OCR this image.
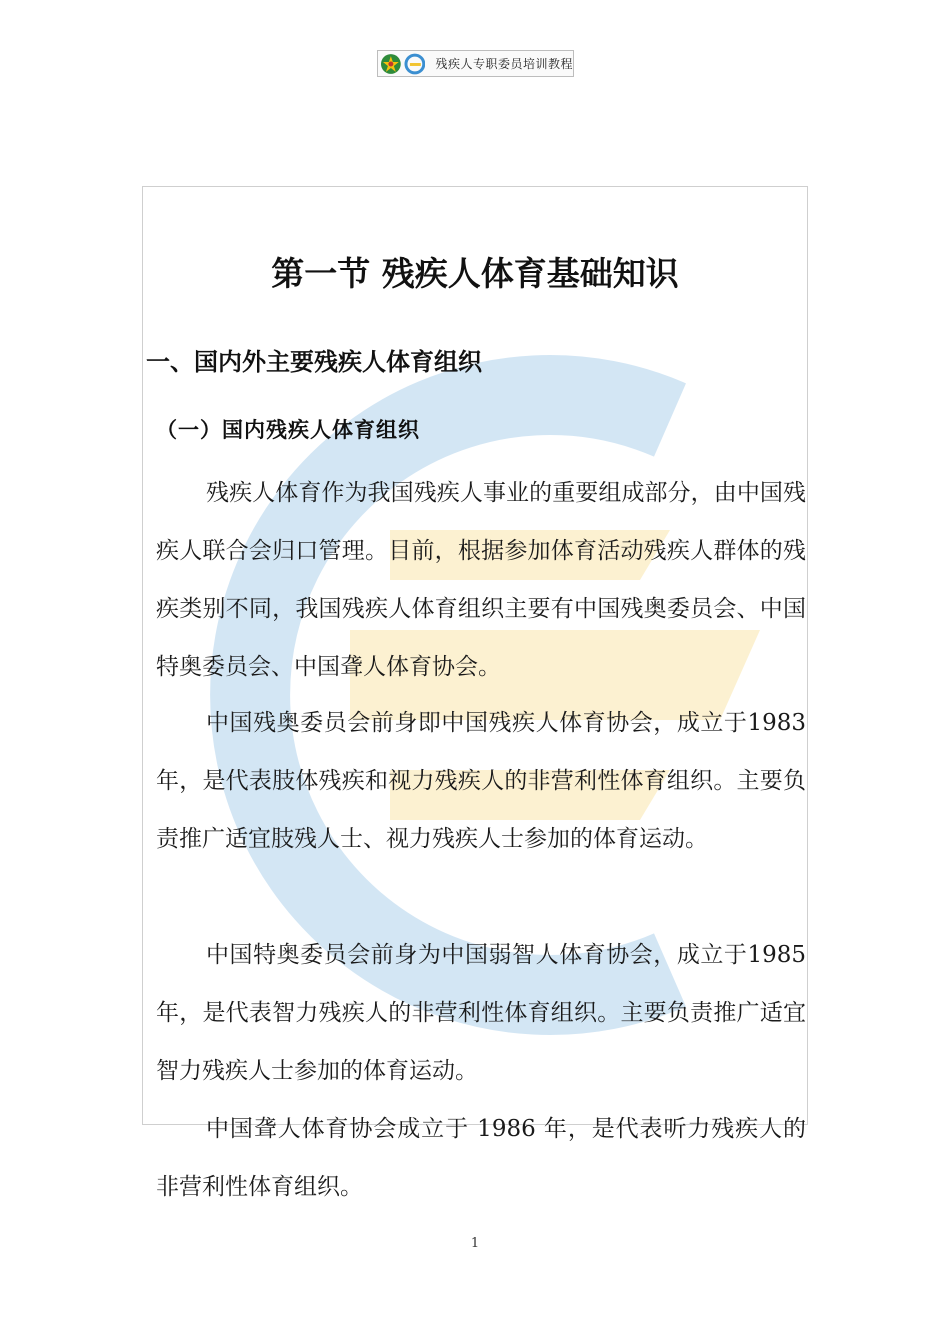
残疾人专职委员培训教程
第一节 残疾人体育基础知识
一、国内外主要残疾人体育组织
（一）国内残疾人体育组织
残疾人体育作为我国残疾人事业的重要组成部分，由中国残疾人联合会归口管理。目前，根据参加体育活动残疾人群体的残疾类别不同，我国残疾人体育组织主要有中国残奥委员会、中国特奥委员会、中国聋人体育协会。
中国残奥委员会前身即中国残疾人体育协会，成立于1983 年，是代表肢体残疾和视力残疾人的非营利性体育组织。主要负责推广适宜肢残人士、视力残疾人士参加的体育运动。
中国特奥委员会前身为中国弱智人体育协会，成立于1985 年，是代表智力残疾人的非营利性体育组织。主要负责推广适宜智力残疾人士参加的体育运动。
中国聋人体育协会成立于 1986 年，是代表听力残疾人的非营利性体育组织。
1
